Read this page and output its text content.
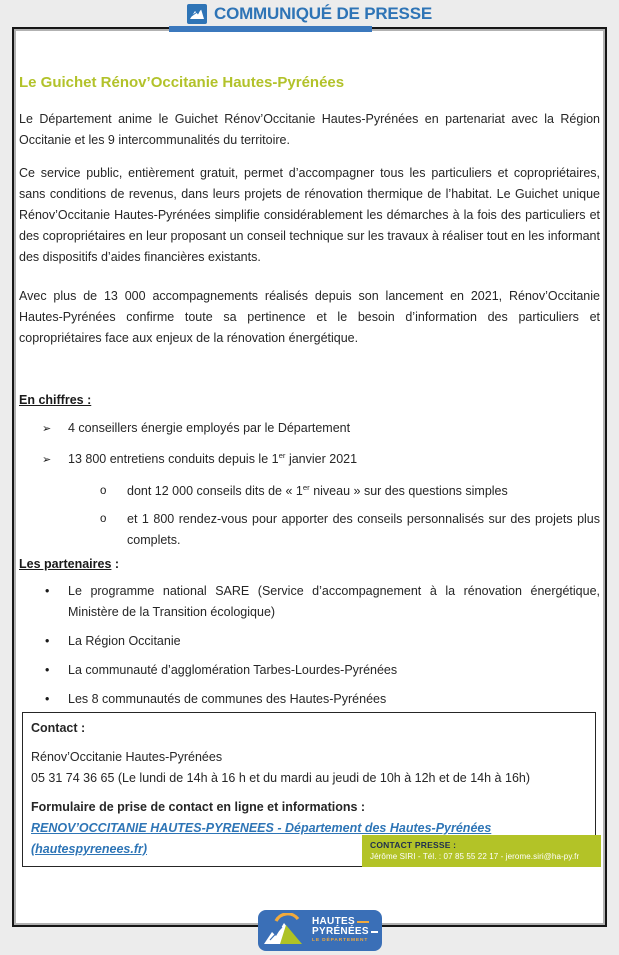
COMMUNIQUÉ DE PRESSE
Le Guichet Rénov’Occitanie Hautes-Pyrénées

Le Département anime le Guichet Rénov’Occitanie Hautes-Pyrénées en partenariat avec la Région Occitanie et les 9 intercommunalités du territoire.

Ce service public, entièrement gratuit, permet d’accompagner tous les particuliers et copropriétaires, sans conditions de revenus, dans leurs projets de rénovation thermique de l’habitat. Le Guichet unique Rénov’Occitanie Hautes-Pyrénées simplifie considérablement les démarches à la fois des particuliers et des copropriétaires en leur proposant un conseil technique sur les travaux à réaliser tout en les informant des dispositifs d’aides financières existants.

Avec plus de 13 000 accompagnements réalisés depuis son lancement en 2021, Rénov’Occitanie Hautes-Pyrénées confirme toute sa pertinence et le besoin d’information des particuliers et copropriétaires face aux enjeux de la rénovation énergétique.

En chiffres :
➢	4 conseillers énergie employés par le Département
➢	13 800 entretiens conduits depuis le 1er janvier 2021
o	dont 12 000 conseils dits de « 1er niveau » sur des questions simples
o	et 1 800 rendez-vous pour apporter des conseils personnalisés sur des projets plus complets.
Les partenaires :
•	Le programme national SARE (Service d’accompagnement à la rénovation énergétique, Ministère de la Transition écologique)
•	La Région Occitanie
•	La communauté d’agglomération Tarbes-Lourdes-Pyrénées
•	Les 8 communautés de communes des Hautes-Pyrénées

Contact :

Rénov’Occitanie Hautes-Pyrénées

05 31 74 36 65 (Le lundi de 14h à 16 h et du mardi au jeudi de 10h à 12h et de 14h à 16h)

Formulaire de prise de contact en ligne et informations :

RENOV’OCCITANIE HAUTES-PYRENEES - Département des Hautes-Pyrénées (hautespyrenees.fr)	CONTACT PRESSE :
Jérôme SIRI - Tél. : 07 85 55 22 17 - jerome.siri@ha-py.fr
HAUTES
PYRÉNÉES
LE DÉPARTEMENT
